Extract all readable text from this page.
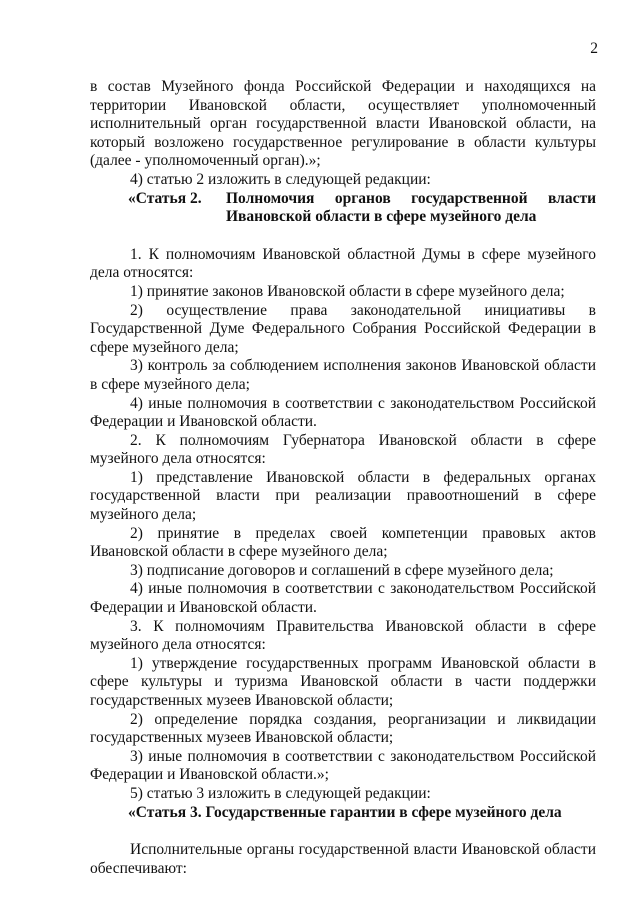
2

в состав Музейного фонда Российской Федерации и находящихся на территории Ивановской области, осуществляет уполномоченный исполнительный орган государственной власти Ивановской области, на который возложено государственное регулирование в области культуры (далее - уполномоченный орган).»;

4) статью 2 изложить в следующей редакции:

«Статья 2.	Полномочия органов государственной власти Ивановской области в сфере музейного дела

1. К полномочиям Ивановской областной Думы в сфере музейного дела относятся:

1) принятие законов Ивановской области в сфере музейного дела;

2) осуществление права законодательной инициативы в Государственной Думе Федерального Собрания Российской Федерации в сфере музейного дела;

3) контроль за соблюдением исполнения законов Ивановской области в сфере музейного дела;

4) иные полномочия в соответствии с законодательством Российской Федерации и Ивановской области.

2. К полномочиям Губернатора Ивановской области в сфере музейного дела относятся:

1) представление Ивановской области в федеральных органах государственной власти при реализации правоотношений в сфере музейного дела;

2) принятие в пределах своей компетенции правовых актов Ивановской области в сфере музейного дела;

3) подписание договоров и соглашений в сфере музейного дела;

4) иные полномочия в соответствии с законодательством Российской Федерации и Ивановской области.

3. К полномочиям Правительства Ивановской области в сфере музейного дела относятся:

1) утверждение государственных программ Ивановской области в сфере культуры и туризма Ивановской области в части поддержки государственных музеев Ивановской области;

2) определение порядка создания, реорганизации и ликвидации государственных музеев Ивановской области;

3) иные полномочия в соответствии с законодательством Российской Федерации и Ивановской области.»;

5) статью 3 изложить в следующей редакции:

«Статья 3. Государственные гарантии в сфере музейного дела

Исполнительные органы государственной власти Ивановской области обеспечивают:
